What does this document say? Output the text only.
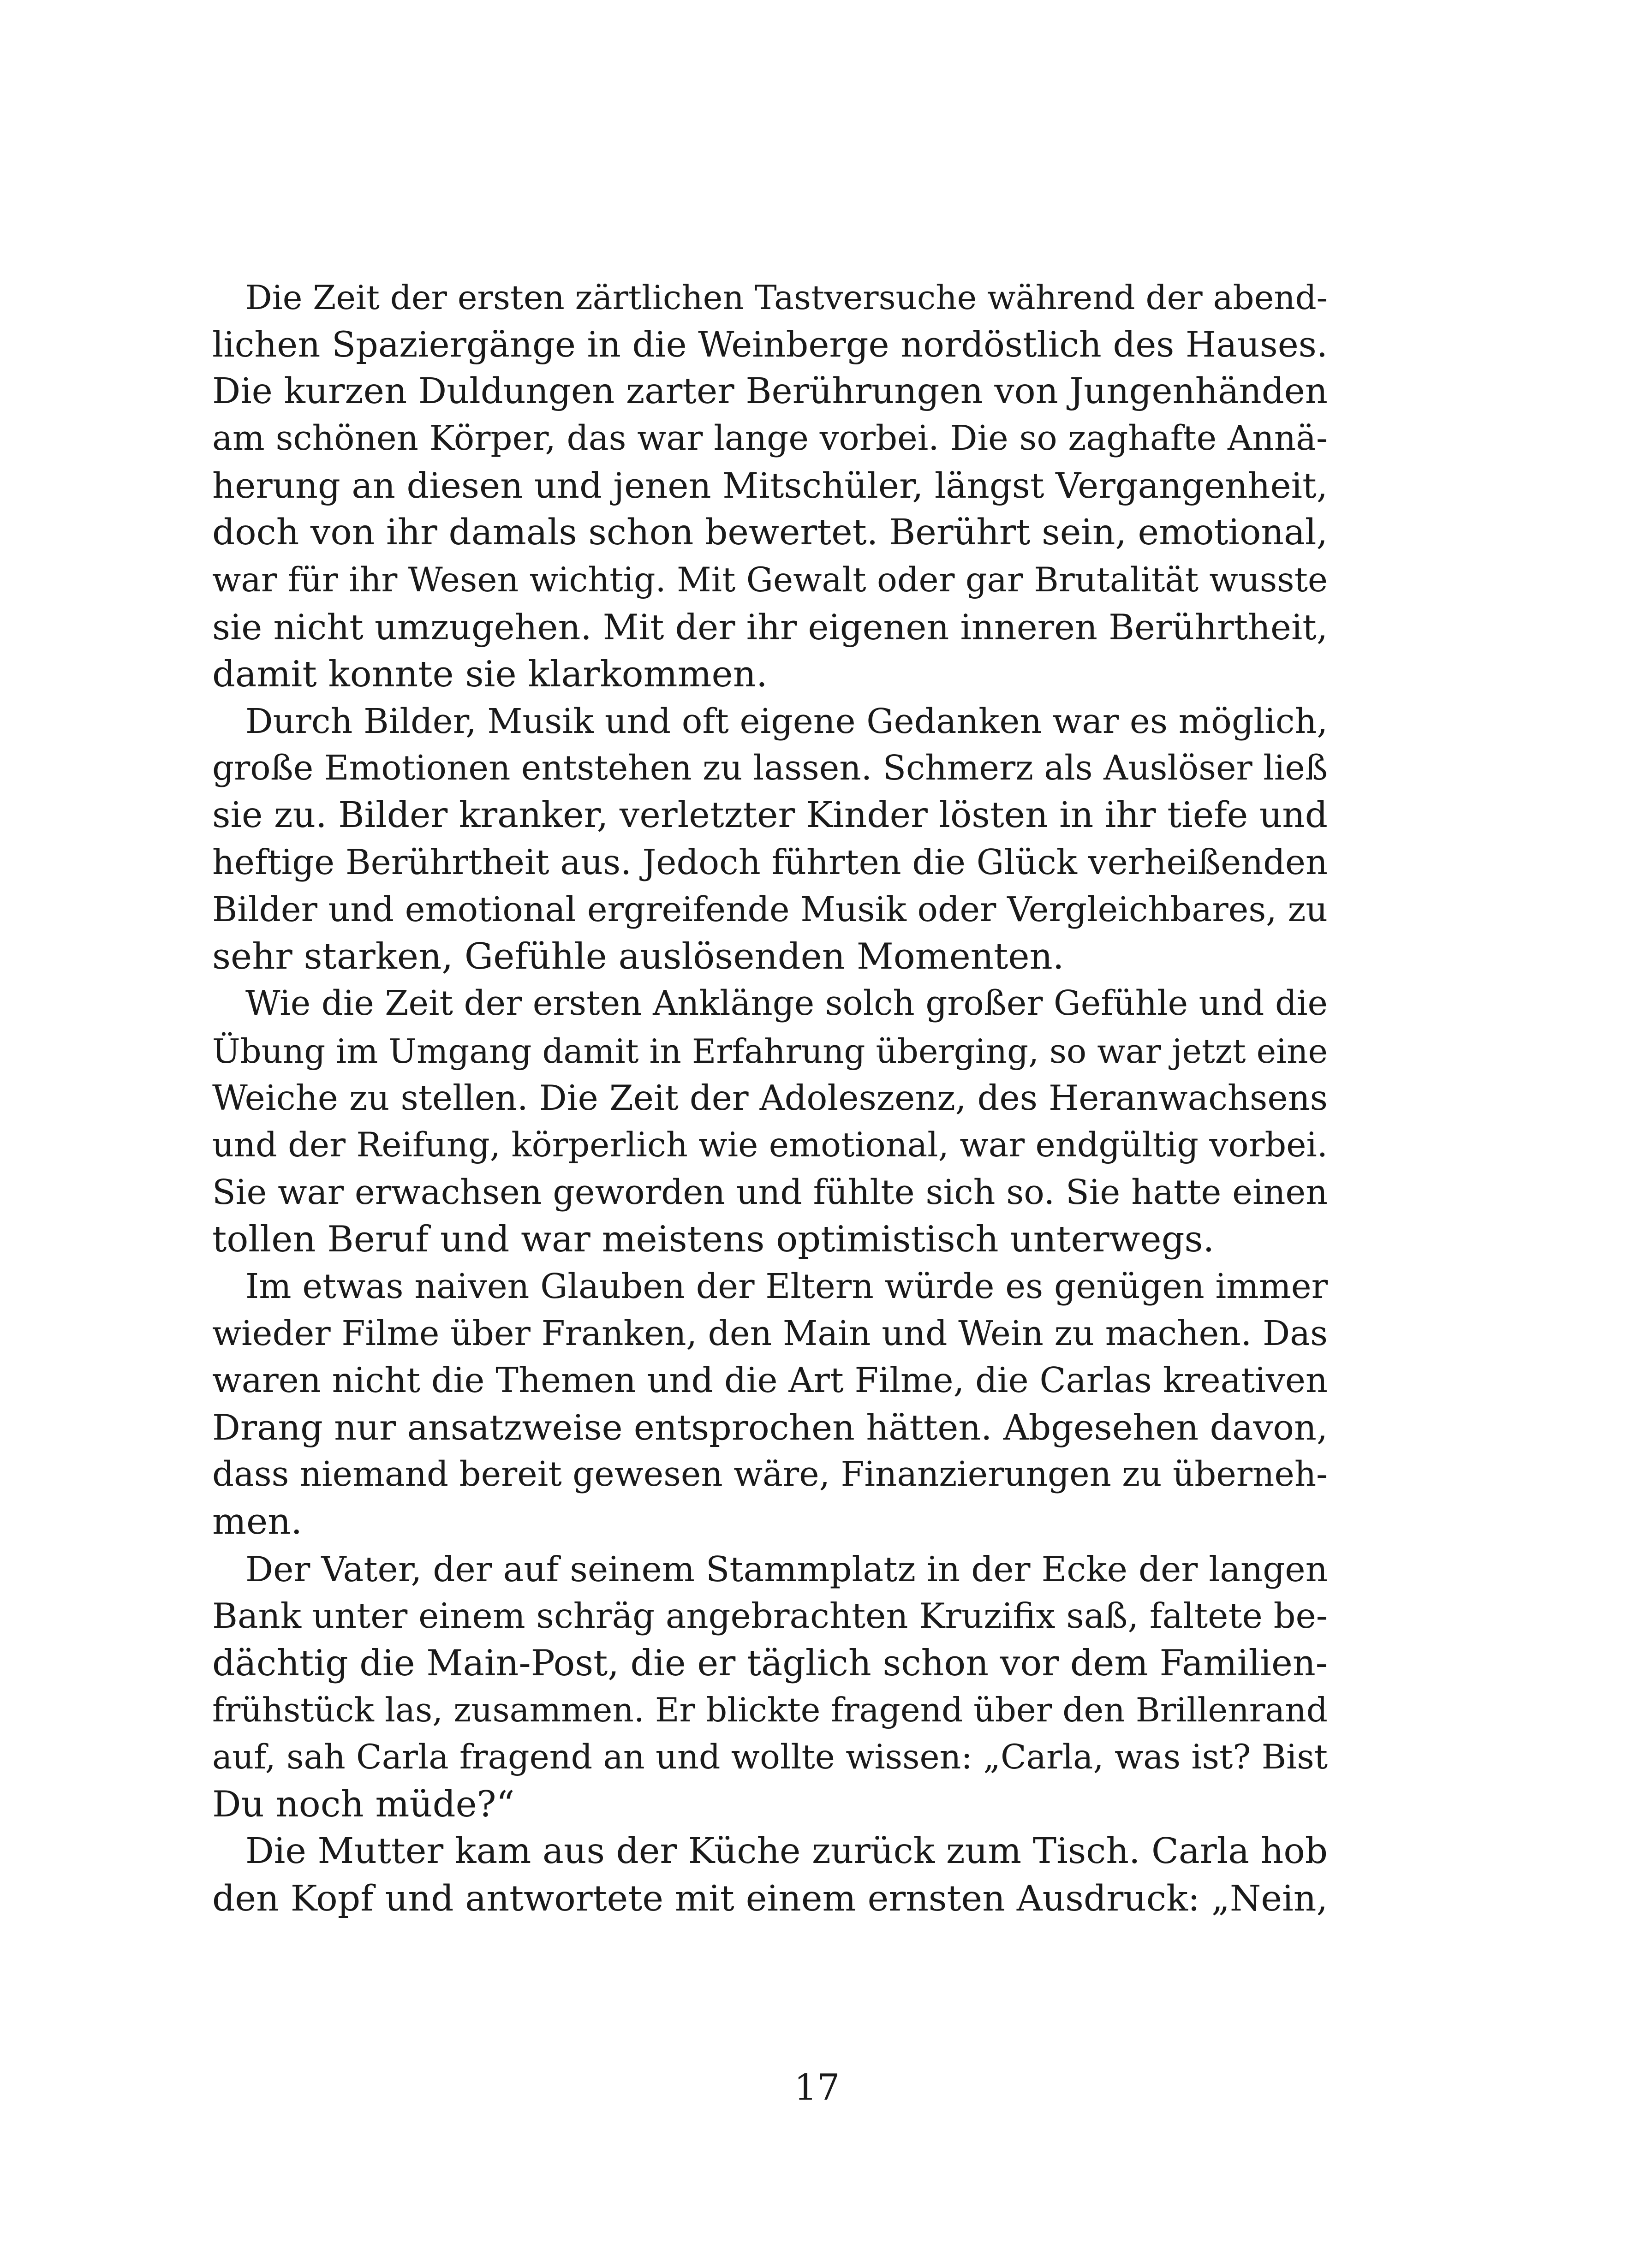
Die Zeit der ersten zärtlichen Tastversuche während der abend-
lichen Spaziergänge in die Weinberge nordöstlich des Hauses.
Die kurzen Duldungen zarter Berührungen von Jungenhänden
am schönen Körper, das war lange vorbei. Die so zaghafte Annä-
herung an diesen und jenen Mitschüler, längst Vergangenheit,
doch von ihr damals schon bewertet. Berührt sein, emotional,
war für ihr Wesen wichtig. Mit Gewalt oder gar Brutalität wusste
sie nicht umzugehen. Mit der ihr eigenen inneren Berührtheit,
damit konnte sie klarkommen.
Durch Bilder, Musik und oft eigene Gedanken war es möglich,
große Emotionen entstehen zu lassen. Schmerz als Auslöser ließ
sie zu. Bilder kranker, verletzter Kinder lösten in ihr tiefe und
heftige Berührtheit aus. Jedoch führten die Glück verheißenden
Bilder und emotional ergreifende Musik oder Vergleichbares, zu
sehr starken, Gefühle auslösenden Momenten.
Wie die Zeit der ersten Anklänge solch großer Gefühle und die
Übung im Umgang damit in Erfahrung überging, so war jetzt eine
Weiche zu stellen. Die Zeit der Adoleszenz, des Heranwachsens
und der Reifung, körperlich wie emotional, war endgültig vorbei.
Sie war erwachsen geworden und fühlte sich so. Sie hatte einen
tollen Beruf und war meistens optimistisch unterwegs.
Im etwas naiven Glauben der Eltern würde es genügen immer
wieder Filme über Franken, den Main und Wein zu machen. Das
waren nicht die Themen und die Art Filme, die Carlas kreativen
Drang nur ansatzweise entsprochen hätten. Abgesehen davon,
dass niemand bereit gewesen wäre, Finanzierungen zu überneh-
men.
Der Vater, der auf seinem Stammplatz in der Ecke der langen
Bank unter einem schräg angebrachten Kruzifix saß, faltete be-
dächtig die Main-Post, die er täglich schon vor dem Familien-
frühstück las, zusammen. Er blickte fragend über den Brillenrand
auf, sah Carla fragend an und wollte wissen: „Carla, was ist? Bist
Du noch müde?“
Die Mutter kam aus der Küche zurück zum Tisch. Carla hob
den Kopf und antwortete mit einem ernsten Ausdruck: „Nein,
17
